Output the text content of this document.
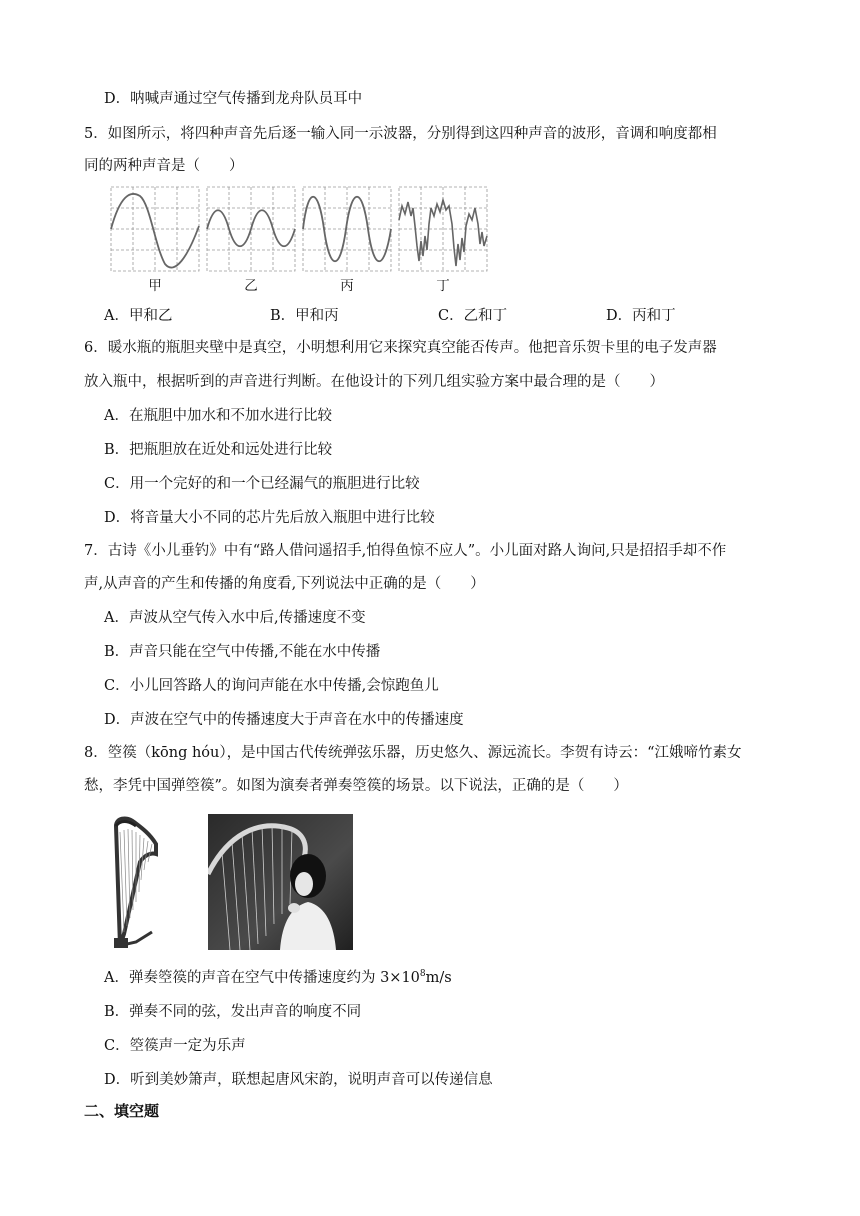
D．呐喊声通过空气传播到龙舟队员耳中
5．如图所示，将四种声音先后逐一输入同一示波器，分别得到这四种声音的波形，音调和响度都相
同的两种声音是（　　）
甲	乙	丙	丁
A．甲和乙	B．甲和丙	C．乙和丁	D．丙和丁
6．暖水瓶的瓶胆夹壁中是真空，小明想利用它来探究真空能否传声。他把音乐贺卡里的电子发声器
放入瓶中，根据听到的声音进行判断。在他设计的下列几组实验方案中最合理的是（　　）
A．在瓶胆中加水和不加水进行比较
B．把瓶胆放在近处和远处进行比较
C．用一个完好的和一个已经漏气的瓶胆进行比较
D．将音量大小不同的芯片先后放入瓶胆中进行比较
7．古诗《小儿垂钓》中有“路人借问遥招手,怕得鱼惊不应人”。小儿面对路人询问,只是招招手却不作
声,从声音的产生和传播的角度看,下列说法中正确的是（　　）
A．声波从空气传入水中后,传播速度不变
B．声音只能在空气中传播,不能在水中传播
C．小儿回答路人的询问声能在水中传播,会惊跑鱼儿
D．声波在空气中的传播速度大于声音在水中的传播速度
8．箜篌（kōng hóu），是中国古代传统弹弦乐器，历史悠久、源远流长。李贺有诗云：“江娥啼竹素女
愁，李凭中国弹箜篌”。如图为演奏者弹奏箜篌的场景。以下说法，正确的是（　　）
A．弹奏箜篌的声音在空气中传播速度约为 $3\times 10^8m/s$
B．弹奏不同的弦，发出声音的响度不同
C．箜篌声一定为乐声
D．听到美妙箫声，联想起唐风宋韵，说明声音可以传递信息
二、填空题
